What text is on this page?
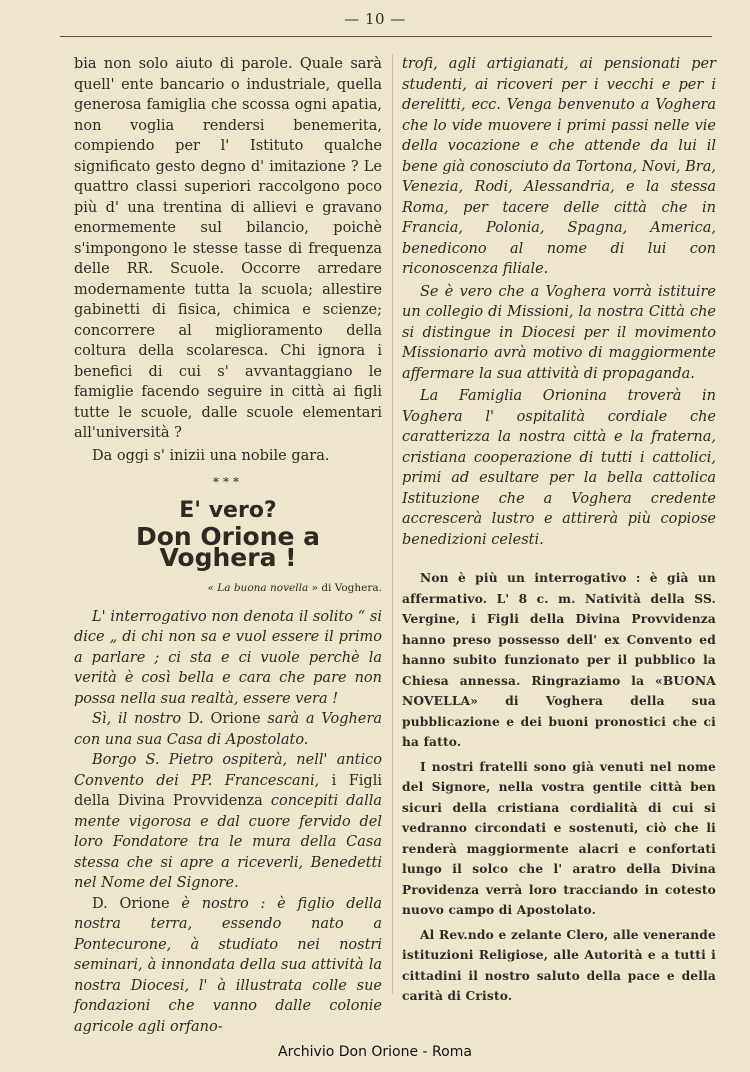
— 10 —

bia non solo aiuto di parole. Quale sarà quell' ente bancario o industriale, quella generosa famiglia che scossa ogni apatia, non voglia rendersi benemerita, compiendo per l' Istituto qualche significato gesto degno d' imitazione ? Le quattro classi superiori raccolgono poco più d' una trentina di allievi e gravano enormemente sul bilancio, poichè s'impongono le stesse tasse di frequenza delle RR. Scuole. Occorre arredare modernamente tutta la scuola; allestire gabinetti di fisica, chimica e scienze; concorrere al miglioramento della coltura della scolaresca. Chi ignora i benefici di cui s' avvantaggiano le famiglie facendo seguire in città ai figli tutte le scuole, dalle scuole elementari all'università ?

Da oggi s' inizii una nobile gara.

***
E' vero?
Don Orione a Voghera !
« La buona novella » di Voghera.

L' interrogativo non denota il solito “ si dice „ di chi non sa e vuol essere il primo a parlare ; ci sta e ci vuole perchè la verità è così bella e cara che pare non possa nella sua realtà, essere vera !

Sì, il nostro D. Orione sarà a Voghera con una sua Casa di Apostolato.

Borgo S. Pietro ospiterà, nell' antico Convento dei PP. Francescani, i Figli della Divina Provvidenza concepiti dalla mente vigorosa e dal cuore fervido del loro Fondatore tra le mura della Casa stessa che si apre a riceverli, Benedetti nel Nome del Signore.

D. Orione è nostro : è figlio della nostra terra, essendo nato a Pontecurone, à studiato nei nostri seminari, à innondata della sua attività la nostra Diocesi, l' à illustrata colle sue fondazioni che vanno dalle colonie agricole agli orfano-

trofi, agli artigianati, ai pensionati per studenti, ai ricoveri per i vecchi e per i derelitti, ecc. Venga benvenuto a Voghera che lo vide muovere i primi passi nelle vie della vocazione e che attende da lui il bene già conosciuto da Tortona, Novi, Bra, Venezia, Rodi, Alessandria, e la stessa Roma, per tacere delle città che in Francia, Polonia, Spagna, America, benedicono al nome di lui con riconoscenza filiale.

Se è vero che a Voghera vorrà istituire un collegio di Missioni, la nostra Città che si distingue in Diocesi per il movimento Missionario avrà motivo di maggiormente affermare la sua attività di propaganda.

La Famiglia Orionina troverà in Voghera l' ospitalità cordiale che caratterizza la nostra città e la fraterna, cristiana cooperazione di tutti i cattolici, primi ad esultare per la bella cattolica Istituzione che a Voghera credente accrescerà lustro e attirerà più copiose benedizioni celesti.

Non è più un interrogativo : è già un affermativo. L' 8 c. m. Natività della SS. Vergine, i Figli della Divina Provvidenza hanno preso possesso dell' ex Convento ed hanno subito funzionato per il pubblico la Chiesa annessa. Ringraziamo la «BUONA NOVELLA» di Voghera della sua pubblicazione e dei buoni pronostici che ci ha fatto.

I nostri fratelli sono già venuti nel nome del Signore, nella vostra gentile città ben sicuri della cristiana cordialità di cui si vedranno circondati e sostenuti, ciò che li renderà maggiormente alacri e confortati lungo il solco che l' aratro della Divina Providenza verrà loro tracciando in cotesto nuovo campo di Apostolato.

Al Rev.ndo e zelante Clero, alle venerande istituzioni Religiose, alle Autorità e a tutti i cittadini il nostro saluto della pace e della carità di Cristo.

Archivio Don Orione - Roma
